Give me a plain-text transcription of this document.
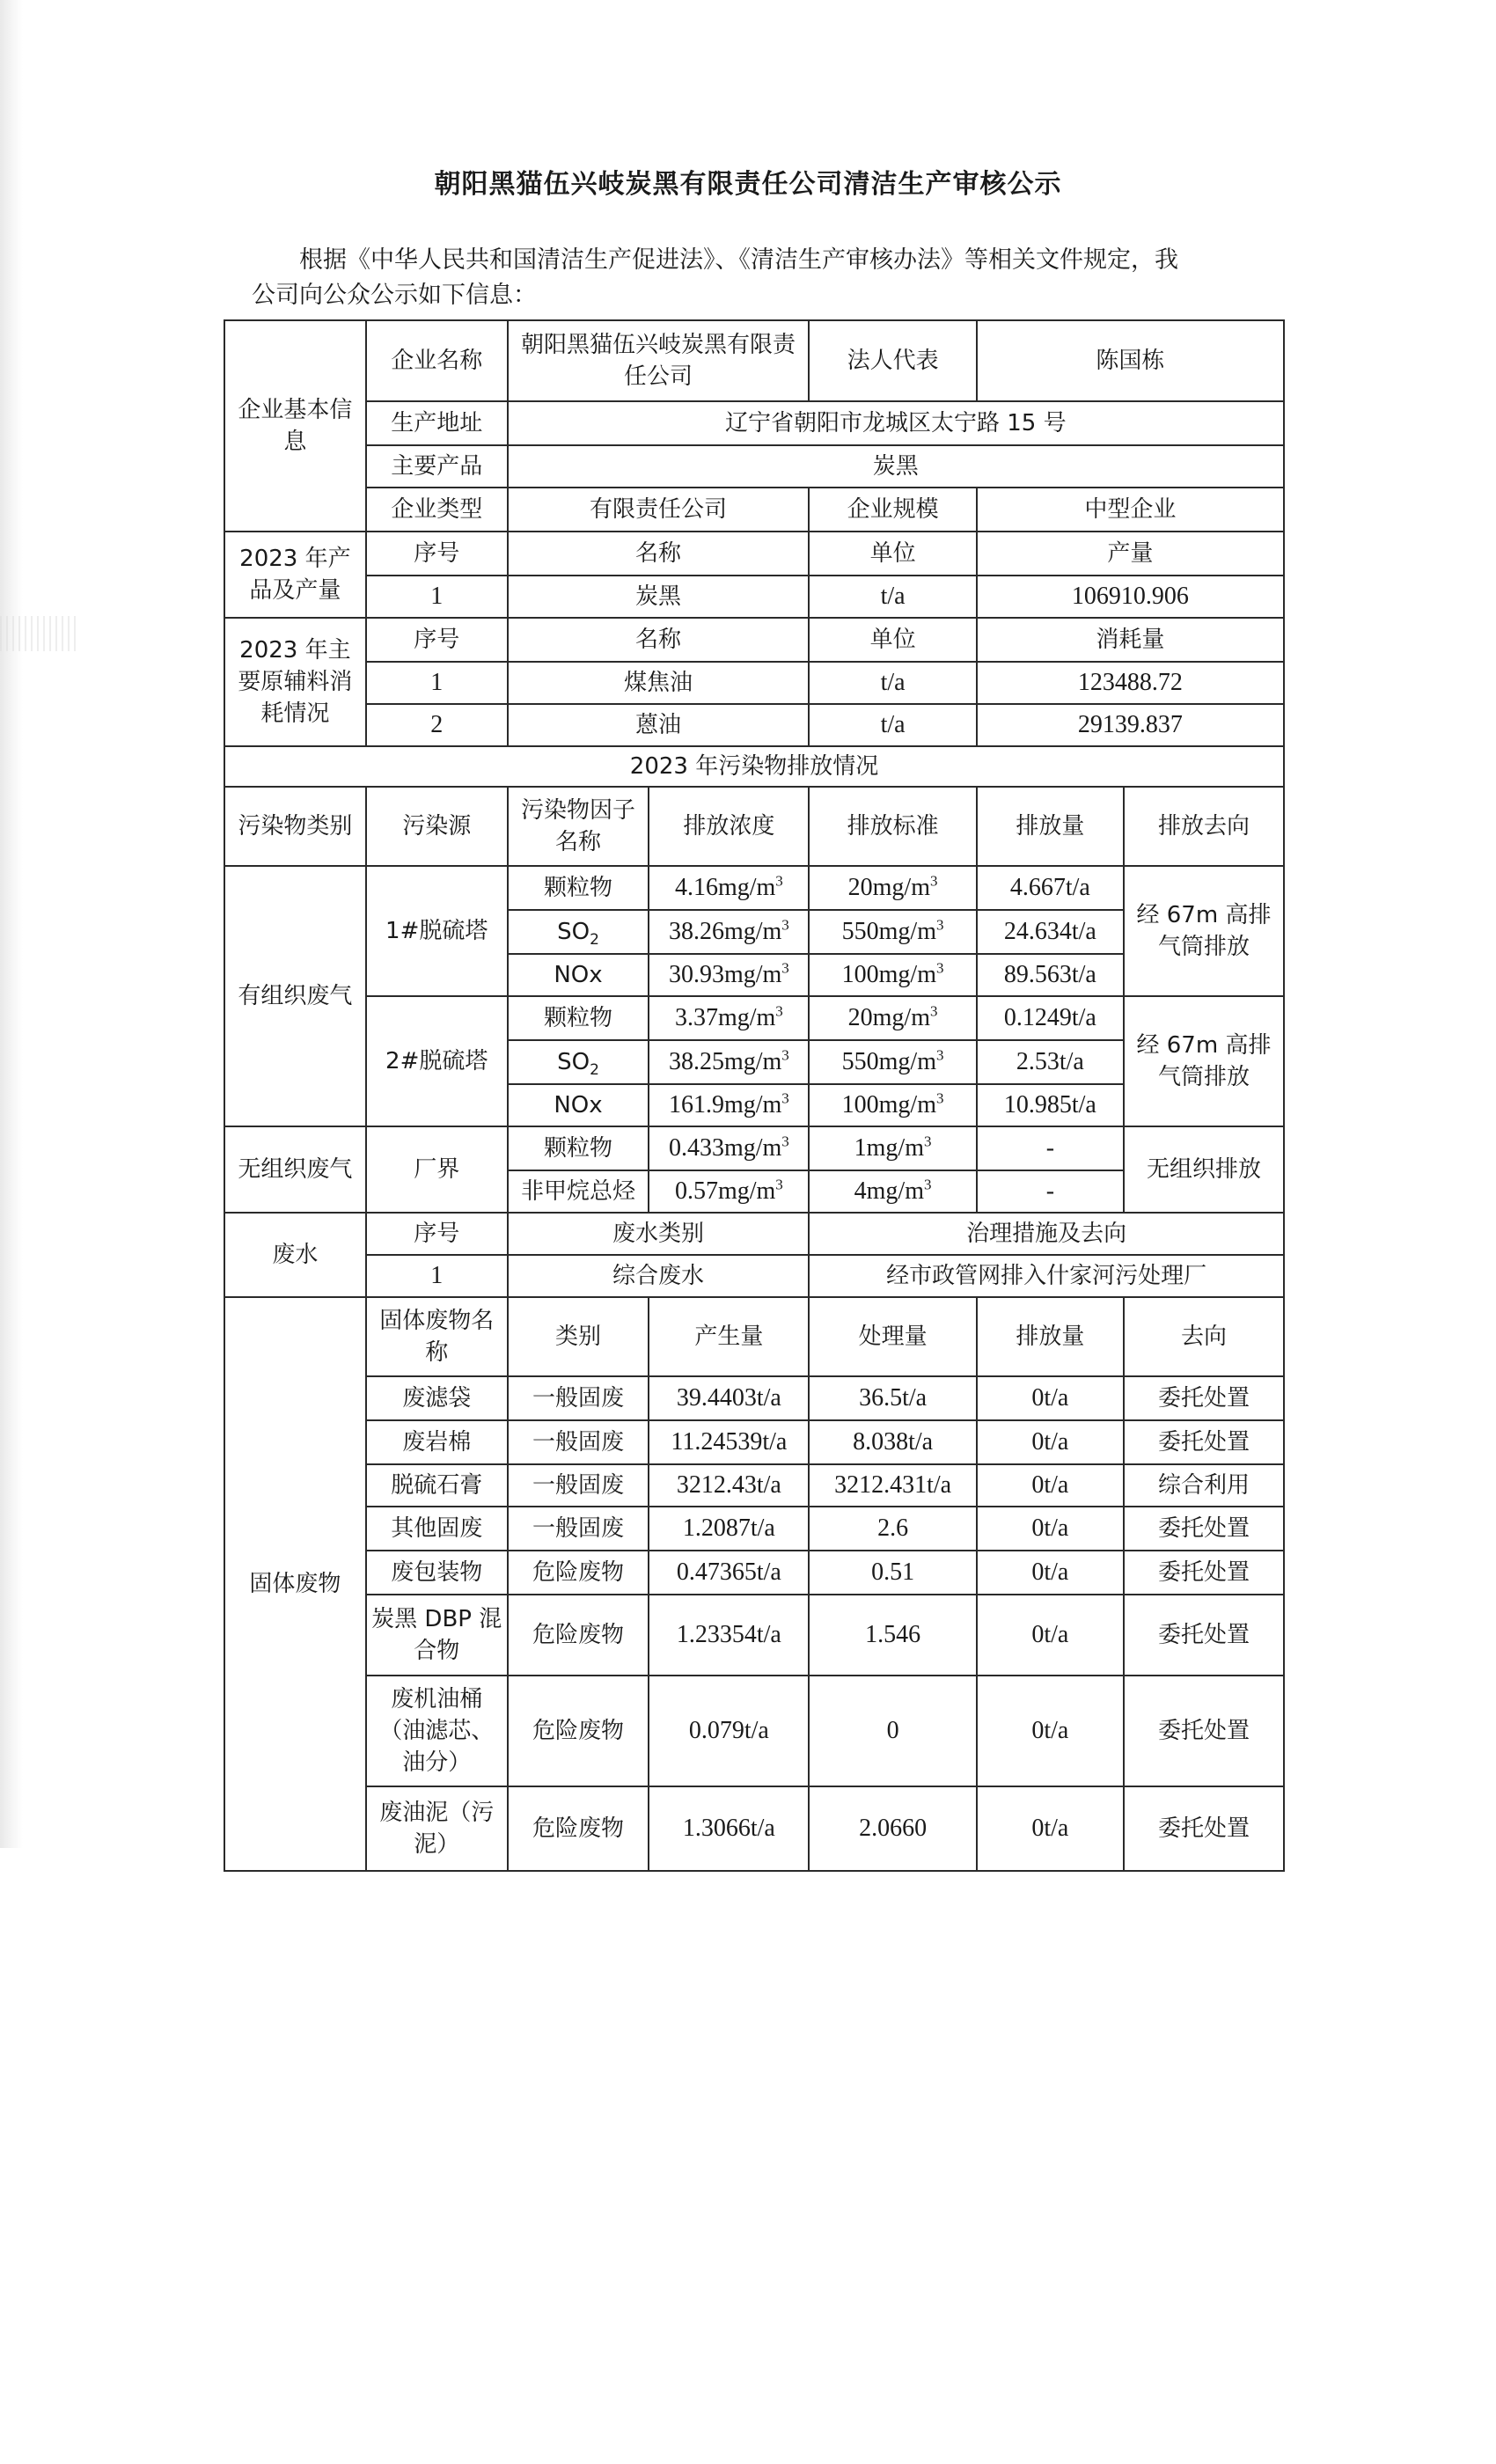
朝阳黑猫伍兴岐炭黑有限责任公司清洁生产审核公示
根据《中华人民共和国清洁生产促进法》、《清洁生产审核办法》等相关文件规定，我
公司向公众公示如下信息：
企业基本信息	企业名称	朝阳黑猫伍兴岐炭黑有限责任公司		法人代表	陈国栋	
	生产地址	辽宁省朝阳市龙城区太宁路 15 号				
	主要产品	炭黑				
	企业类型	有限责任公司		企业规模	中型企业	
2023 年产品及产量	序号	名称		单位	产量	
	1	炭黑		t/a	106910.906	
2023 年主要原辅料消耗情况	序号	名称		单位	消耗量	
	1	煤焦油		t/a	123488.72	
	2	蒽油		t/a	29139.837	
2023 年污染物排放情况						
污染物类别	污染源	污染物因子名称	排放浓度	排放标准	排放量	排放去向
有组织废气	1#脱硫塔	颗粒物	$4.16mg/m^3$	$20mg/m^3$	4.667t/a	经 67m 高排气筒排放
		$SO_2$	$38.26mg/m^3$	$550mg/m^3$	24.634t/a	
		NOx	$30.93mg/m^3$	$100mg/m^3$	89.563t/a	
	2#脱硫塔	颗粒物	$3.37mg/m^3$	$20mg/m^3$	0.1249t/a	经 67m 高排气筒排放
		$SO_2$	$38.25mg/m^3$	$550mg/m^3$	2.53t/a	
		NOx	$161.9mg/m^3$	$100mg/m^3$	10.985t/a	
无组织废气	厂界	颗粒物	$0.433mg/m^3$	$1mg/m^3$	-	无组织排放
		非甲烷总烃	$0.57mg/m^3$	$4mg/m^3$	-	
废水	序号	废水类别		治理措施及去向		
	1	综合废水		经市政管网排入什家河污处理厂		
固体废物	固体废物名称	类别	产生量	处理量	排放量	去向
	废滤袋	一般固废	39.4403t/a	36.5t/a	0t/a	委托处置
	废岩棉	一般固废	11.24539t/a	8.038t/a	0t/a	委托处置
	脱硫石膏	一般固废	3212.43t/a	3212.431t/a	0t/a	综合利用
	其他固废	一般固废	1.2087t/a	2.6	0t/a	委托处置
	废包装物	危险废物	0.47365t/a	0.51	0t/a	委托处置
	炭黑 DBP 混合物	危险废物	1.23354t/a	1.546	0t/a	委托处置
	废机油桶（油滤芯、油分）	危险废物	0.079t/a	0	0t/a	委托处置
	废油泥（污泥）	危险废物	1.3066t/a	2.0660	0t/a	委托处置
